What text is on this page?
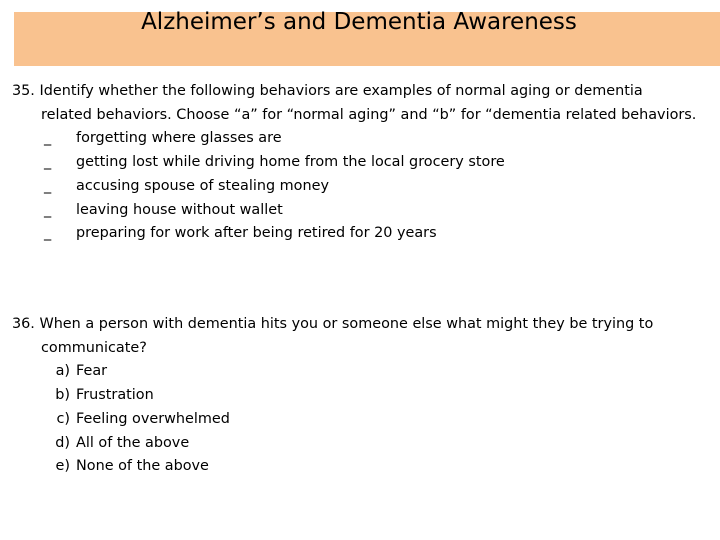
Alzheimer’s and Dementia Awareness
35. Identify whether the following behaviors are examples of normal aging or dementia
related behaviors. Choose “a” for “normal aging” and “b” for “dementia related behaviors.
_	forgetting where glasses are
_	getting lost while driving home from the local grocery store
_	accusing spouse of stealing money
_	leaving house without wallet
_	preparing for work after being retired for 20 years
36. When a person with dementia hits you or someone else what might they be trying to
communicate?
a) Fear
b) Frustration
c) Feeling overwhelmed
d) All of the above
e) None of the above
